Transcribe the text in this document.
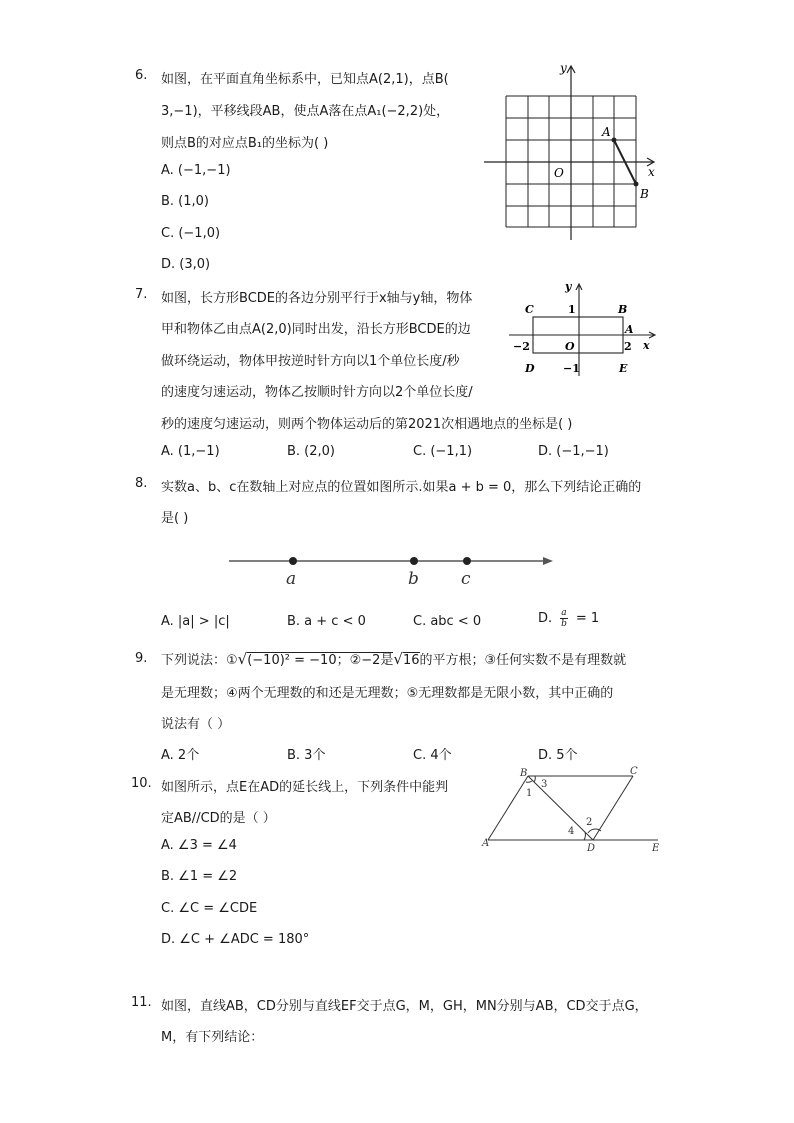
6. 如图，在平面直角坐标系中，已知点A(2,1)，点B(
3,−1)，平移线段AB，使点A落在点A₁(−2,2)处，
则点B的对应点B₁的坐标为( )
A. (−1,−1)
B. (1,0)
C. (−1,0)
D. (3,0)
x
y
O
A
B
7. 如图，长方形BCDE的各边分别平行于x轴与y轴，物体
甲和物体乙由点A(2,0)同时出发，沿长方形BCDE的边
做环绕运动，物体甲按逆时针方向以1个单位长度/秒
的速度匀速运动，物体乙按顺时针方向以2个单位长度/
秒的速度匀速运动，则两个物体运动后的第2021次相遇地点的坐标是( )
A. (1,−1)	B. (2,0)	C. (−1,1)	D. (−1,−1)
y
x
C	B
A
D	E
O
1
−1
−2	2
8. 实数a、b、c在数轴上对应点的位置如图所示.如果a + b = 0，那么下列结论正确的
是( )
a	b c
A. |a| > |c|	B. a + c < 0	C. abc < 0	D. $\frac{a}{b} = 1$
9. 下列说法：①√(−10)² = −10；②−2是√16的平方根；③任何实数不是有理数就
是无理数；④两个无理数的和还是无理数；⑤无理数都是无限小数，其中正确的
说法有（ ）
A. 2个	B. 3个	C. 4个	D. 5个
10. 如图所示，点E在AD的延长线上，下列条件中能判
定AB//CD的是（ ）
A. ∠3 = ∠4
B. ∠1 = ∠2
C. ∠C = ∠CDE
D. ∠C + ∠ADC = 180°
A
B	C
D	E
1
3
4
2
11. 如图，直线AB，CD分别与直线EF交于点G，M，GH，MN分别与AB，CD交于点G，
M，有下列结论：
